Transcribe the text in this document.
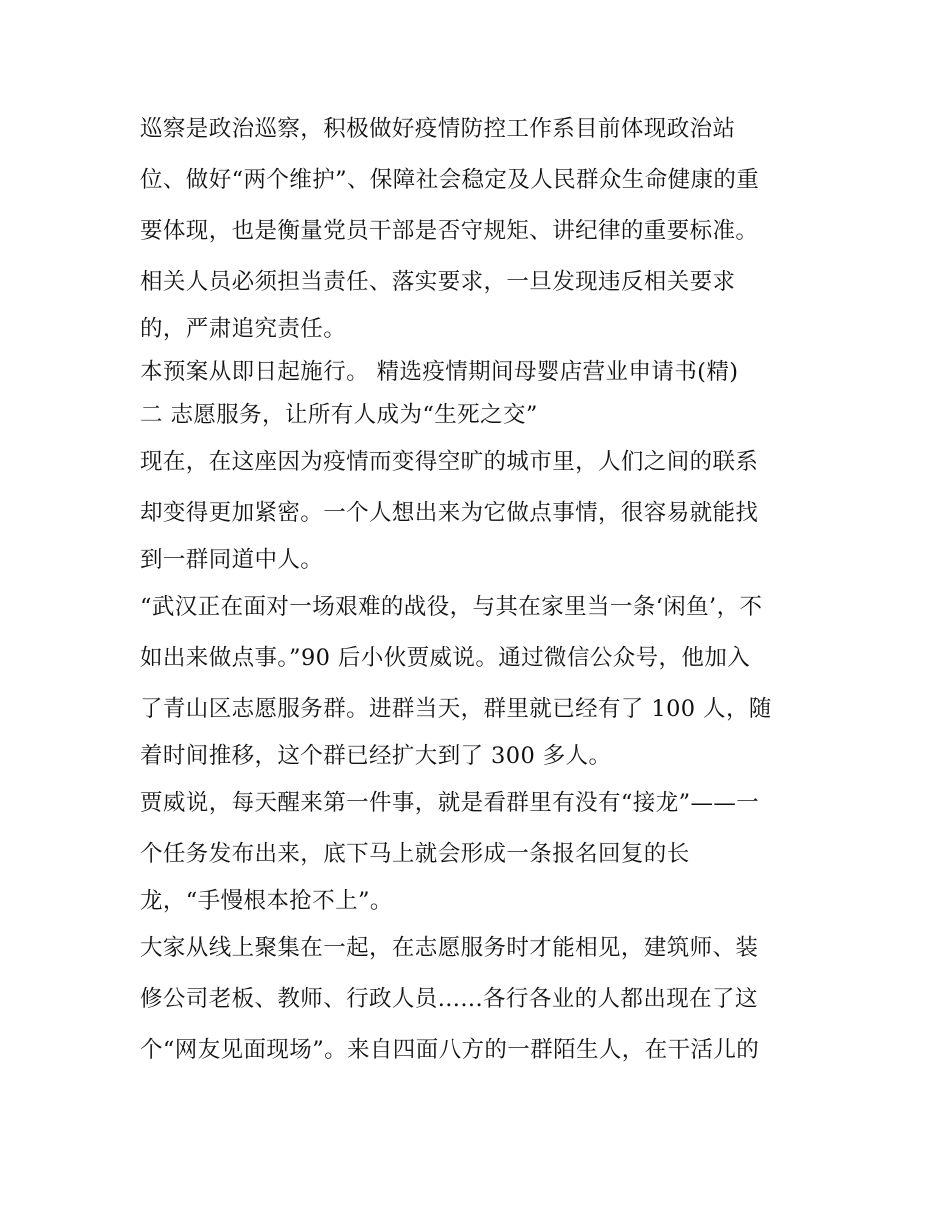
巡察是政治巡察，积极做好疫情防控工作系目前体现政治站
位、做好“两个维护”、保障社会稳定及人民群众生命健康的重
要体现，也是衡量党员干部是否守规矩、讲纪律的重要标准。
相关人员必须担当责任、落实要求，一旦发现违反相关要求
的，严肃追究责任。
本预案从即日起施行。 精选疫情期间母婴店营业申请书(精)
二 志愿服务，让所有人成为“生死之交”
现在，在这座因为疫情而变得空旷的城市里，人们之间的联系
却变得更加紧密。一个人想出来为它做点事情，很容易就能找
到一群同道中人。
“武汉正在面对一场艰难的战役，与其在家里当一条‘闲鱼’，不
如出来做点事。”90 后小伙贾威说。通过微信公众号，他加入
了青山区志愿服务群。进群当天，群里就已经有了 100 人，随
着时间推移，这个群已经扩大到了 300 多人。
贾威说，每天醒来第一件事，就是看群里有没有“接龙”——一
个任务发布出来，底下马上就会形成一条报名回复的长
龙，“手慢根本抢不上”。
大家从线上聚集在一起，在志愿服务时才能相见，建筑师、装
修公司老板、教师、行政人员......各行各业的人都出现在了这
个“网友见面现场”。来自四面八方的一群陌生人，在干活儿的
